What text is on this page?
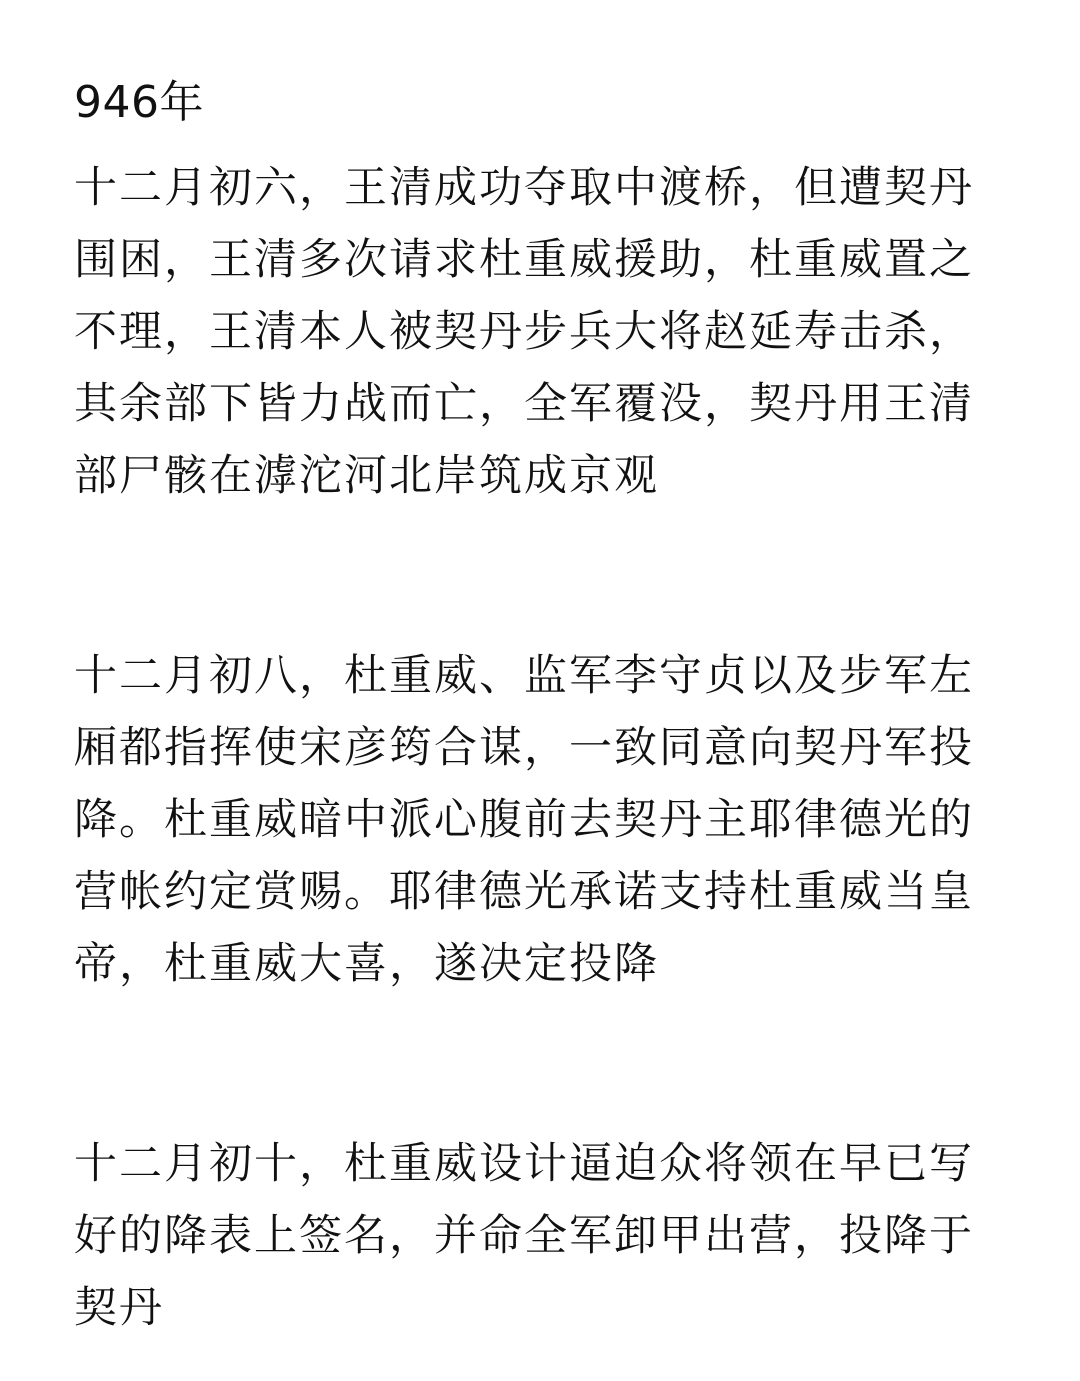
946年

十二月初六，王清成功夺取中渡桥，但遭契丹围困，王清多次请求杜重威援助，杜重威置之不理，王清本人被契丹步兵大将赵延寿击杀，其余部下皆力战而亡，全军覆没，契丹用王清部尸骸在滹沱河北岸筑成京观

十二月初八，杜重威、监军李守贞以及步军左厢都指挥使宋彦筠合谋，一致同意向契丹军投降。杜重威暗中派心腹前去契丹主耶律德光的营帐约定赏赐。耶律德光承诺支持杜重威当皇帝，杜重威大喜，遂决定投降

十二月初十，杜重威设计逼迫众将领在早已写好的降表上签名，并命全军卸甲出营，投降于契丹
